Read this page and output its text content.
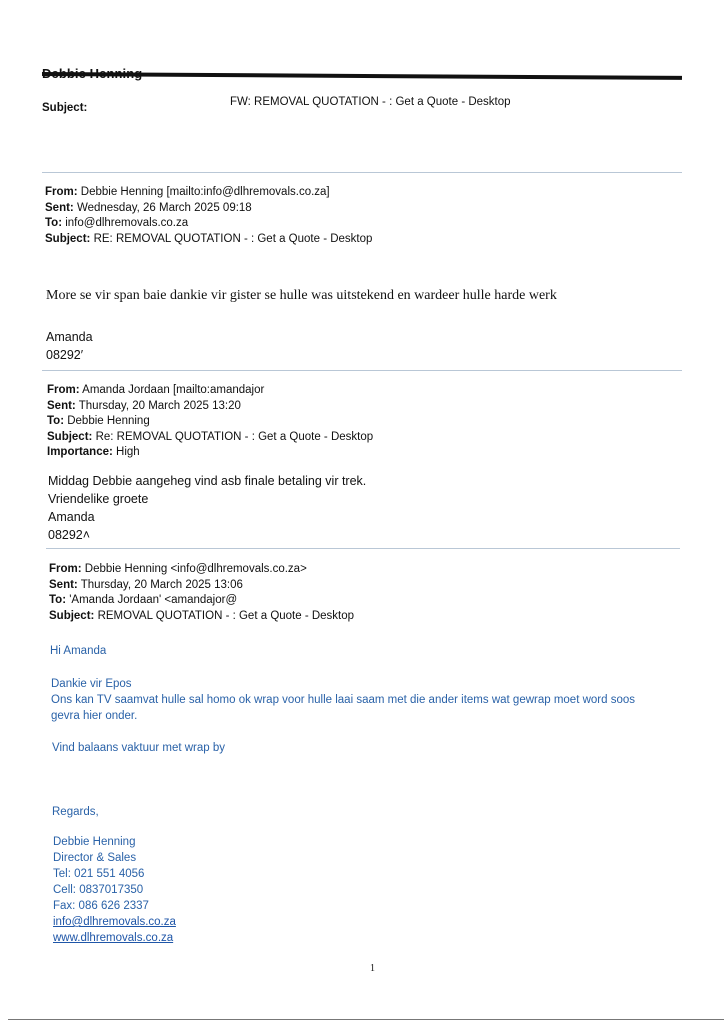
Subject:	FW: REMOVAL QUOTATION - : Get a Quote - Desktop
From: Debbie Henning [mailto:info@dlhremovals.co.za]
Sent: Wednesday, 26 March 2025 09:18
To: info@dlhremovals.co.za
Subject: RE: REMOVAL QUOTATION - : Get a Quote - Desktop
More se vir span baie dankie vir gister se hulle was uitstekend en wardeer hulle harde werk
Amanda
08292′
From: Amanda Jordaan [mailto:amandajor
Sent: Thursday, 20 March 2025 13:20
To: Debbie Henning
Subject: Re: REMOVAL QUOTATION - : Get a Quote - Desktop
Importance: High
Middag Debbie aangeheg vind asb finale betaling vir trek.
Vriendelike groete
Amanda
08292˄
From: Debbie Henning <info@dlhremovals.co.za>
Sent: Thursday, 20 March 2025 13:06
To: 'Amanda Jordaan' <amandajor@
Subject: REMOVAL QUOTATION - : Get a Quote - Desktop
Hi Amanda
Dankie vir Epos
Ons kan TV saamvat hulle sal homo ok wrap voor hulle laai saam met die ander items wat gewrap moet word soos
gevra hier onder.
Vind balaans vaktuur met wrap by
Regards,
Debbie Henning
Director & Sales
Tel: 021 551 4056
Cell: 0837017350
Fax: 086 626 2337
info@dlhremovals.co.za
www.dlhremovals.co.za
1
